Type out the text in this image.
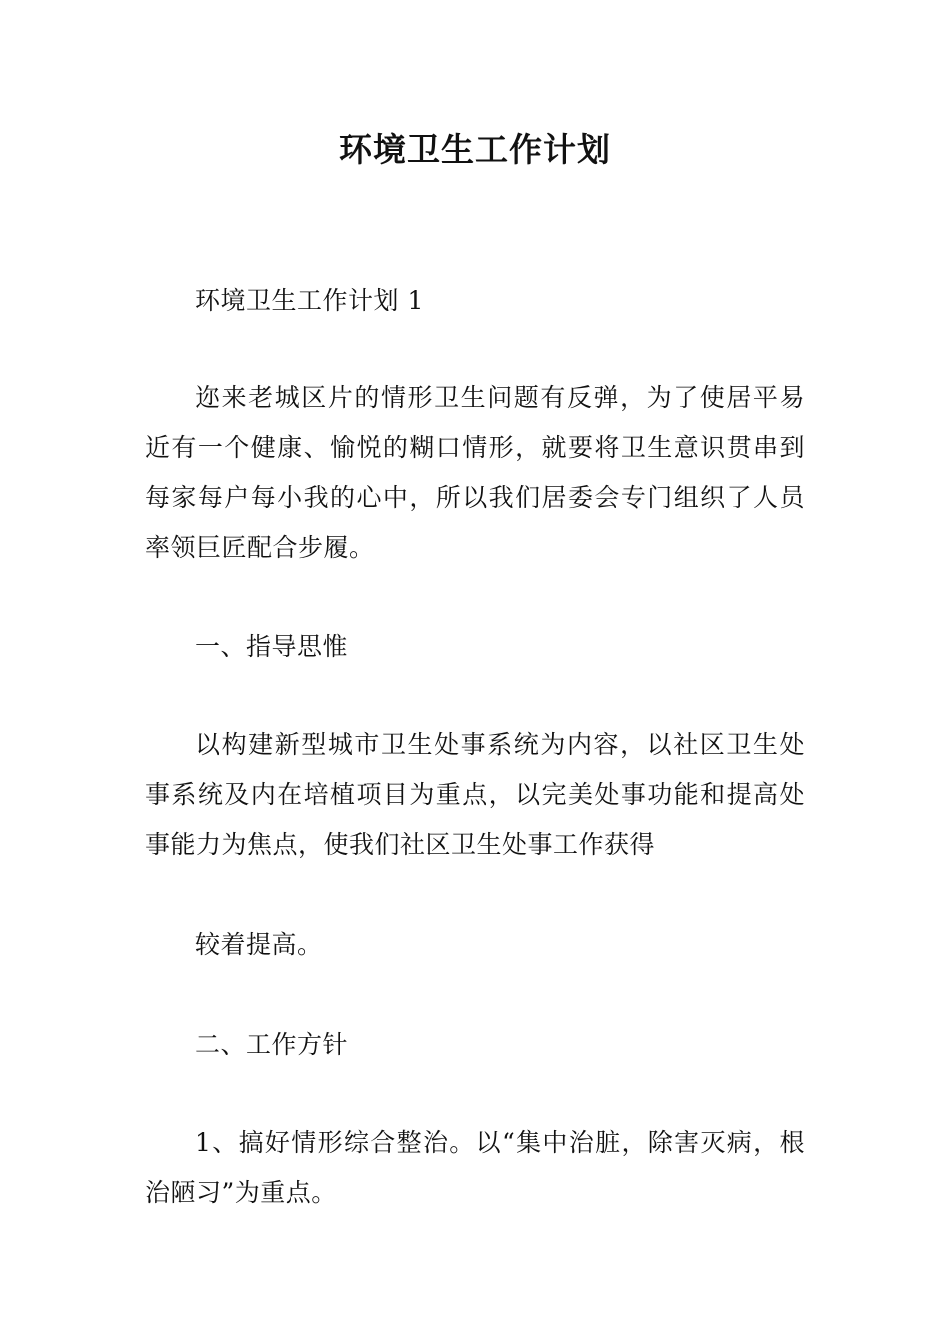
环境卫生工作计划

环境卫生工作计划 1

迩来老城区片的情形卫生问题有反弹，为了使居平易近有一个健康、愉悦的糊口情形，就要将卫生意识贯串到每家每户每小我的心中，所以我们居委会专门组织了人员率领巨匠配合步履。

一、指导思惟

以构建新型城市卫生处事系统为内容，以社区卫生处事系统及内在培植项目为重点，以完美处事功能和提高处事能力为焦点，使我们社区卫生处事工作获得

较着提高。

二、工作方针

1、搞好情形综合整治。以“集中治脏，除害灭病，根治陋习”为重点。
